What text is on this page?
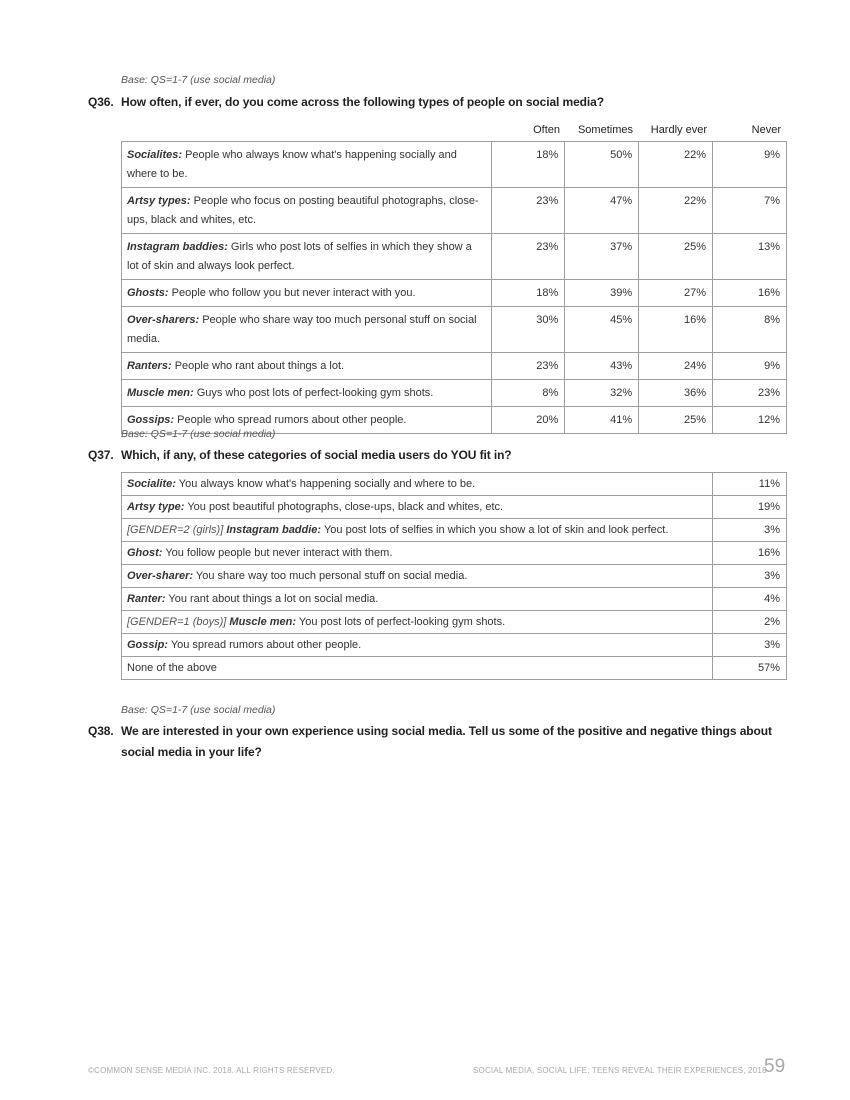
Base: QS=1-7 (use social media)
Q36. How often, if ever, do you come across the following types of people on social media?
Often	Sometimes	Hardly ever	Never
Socialites: People who always know what's happening socially and where to be.	18%	50%	22%	9%
Artsy types: People who focus on posting beautiful photographs, close-ups, black and whites, etc.	23%	47%	22%	7%
Instagram baddies: Girls who post lots of selfies in which they show a lot of skin and always look perfect.	23%	37%	25%	13%
Ghosts: People who follow you but never interact with you.	18%	39%	27%	16%
Over-sharers: People who share way too much personal stuff on social media.	30%	45%	16%	8%
Ranters: People who rant about things a lot.	23%	43%	24%	9%
Muscle men: Guys who post lots of perfect-looking gym shots.	8%	32%	36%	23%
Gossips: People who spread rumors about other people.	20%	41%	25%	12%
Base: QS=1-7 (use social media)
Q37. Which, if any, of these categories of social media users do YOU fit in?
Socialite: You always know what's happening socially and where to be.	11%
Artsy type: You post beautiful photographs, close-ups, black and whites, etc.	19%
[GENDER=2 (girls)] Instagram baddie: You post lots of selfies in which you show a lot of skin and look perfect.	3%
Ghost: You follow people but never interact with them.	16%
Over-sharer: You share way too much personal stuff on social media.	3%
Ranter: You rant about things a lot on social media.	4%
[GENDER=1 (boys)] Muscle men: You post lots of perfect-looking gym shots.	2%
Gossip: You spread rumors about other people.	3%
None of the above	57%
Base: QS=1-7 (use social media)
Q38. We are interested in your own experience using social media. Tell us some of the positive and negative things about social media in your life?
©COMMON SENSE MEDIA INC. 2018. ALL RIGHTS RESERVED.	SOCIAL MEDIA, SOCIAL LIFE: TEENS REVEAL THEIR EXPERIENCES, 2018
59
